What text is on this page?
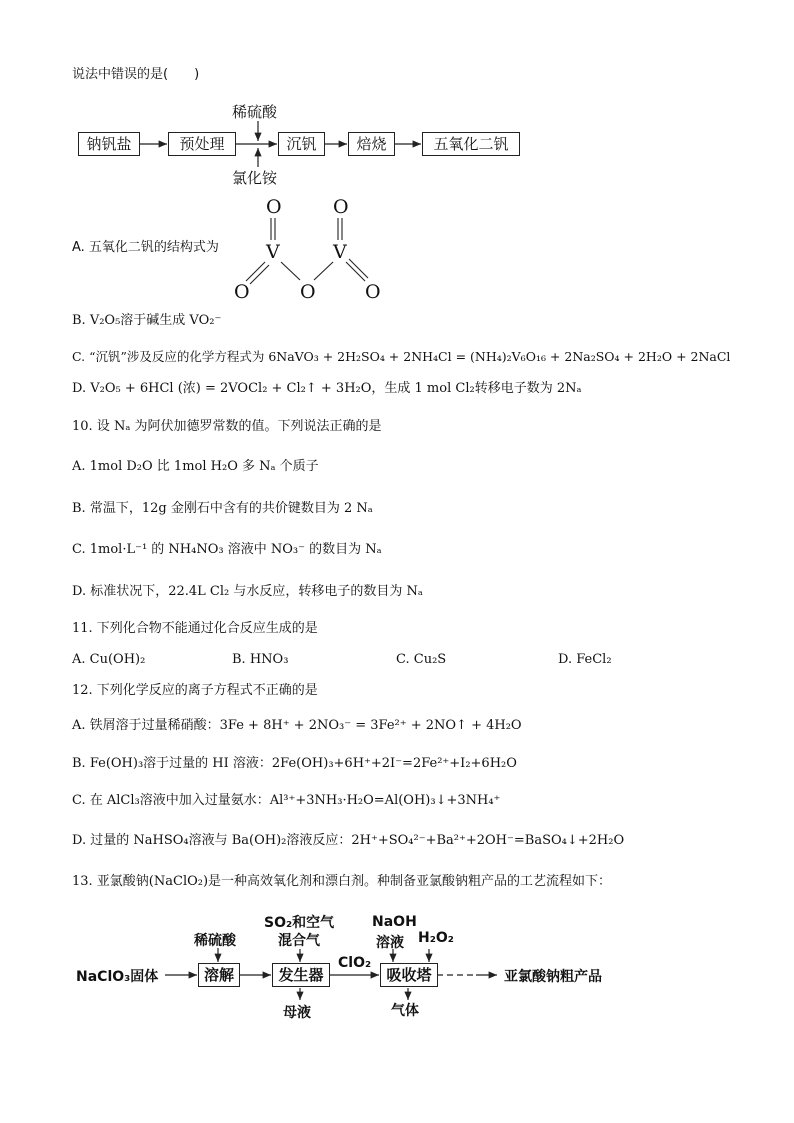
说法中错误的是(　　)
钠钒盐	预处理	沉钒	焙烧	五氧化二钒
稀硫酸
氯化铵
A. 五氧化二钒的结构式为
O	O
V	V
O	O	O
B. V₂O₅溶于碱生成 VO₂⁻
C. “沉钒”涉及反应的化学方程式为 6NaVO₃ + 2H₂SO₄ + 2NH₄Cl = (NH₄)₂V₆O₁₆ + 2Na₂SO₄ + 2H₂O + 2NaCl
D. V₂O₅ + 6HCl (浓) = 2VOCl₂ + Cl₂↑ + 3H₂O，生成 1 mol Cl₂转移电子数为 2Nₐ
10. 设 Nₐ 为阿伏加德罗常数的值。下列说法正确的是
A. 1mol D₂O 比 1mol H₂O 多 Nₐ 个质子
B. 常温下，12g 金刚石中含有的共价键数目为 2 Nₐ
C. 1mol·L⁻¹ 的 NH₄NO₃ 溶液中 NO₃⁻ 的数目为 Nₐ
D. 标准状况下，22.4L Cl₂ 与水反应，转移电子的数目为 Nₐ
11. 下列化合物不能通过化合反应生成的是
A. Cu(OH)₂	B. HNO₃	C. Cu₂S	D. FeCl₂
12. 下列化学反应的离子方程式不正确的是
A. 铁屑溶于过量稀硝酸：3Fe + 8H⁺ + 2NO₃⁻ = 3Fe²⁺ + 2NO↑ + 4H₂O
B. Fe(OH)₃溶于过量的 HI 溶液：2Fe(OH)₃+6H⁺+2I⁻=2Fe²⁺+I₂+6H₂O
C. 在 AlCl₃溶液中加入过量氨水：Al³⁺+3NH₃·H₂O=Al(OH)₃↓+3NH₄⁺
D. 过量的 NaHSO₄溶液与 Ba(OH)₂溶液反应：2H⁺+SO₄²⁻+Ba²⁺+2OH⁻=BaSO₄↓+2H₂O
13. 亚氯酸钠(NaClO₂)是一种高效氧化剂和漂白剂。种制备亚氯酸钠粗产品的工艺流程如下：
NaClO₃固体	溶解	发生器	吸收塔
稀硫酸
SO₂和空气
混合气
母液
ClO₂
NaOH
溶液 H₂O₂
气体
亚氯酸钠粗产品
